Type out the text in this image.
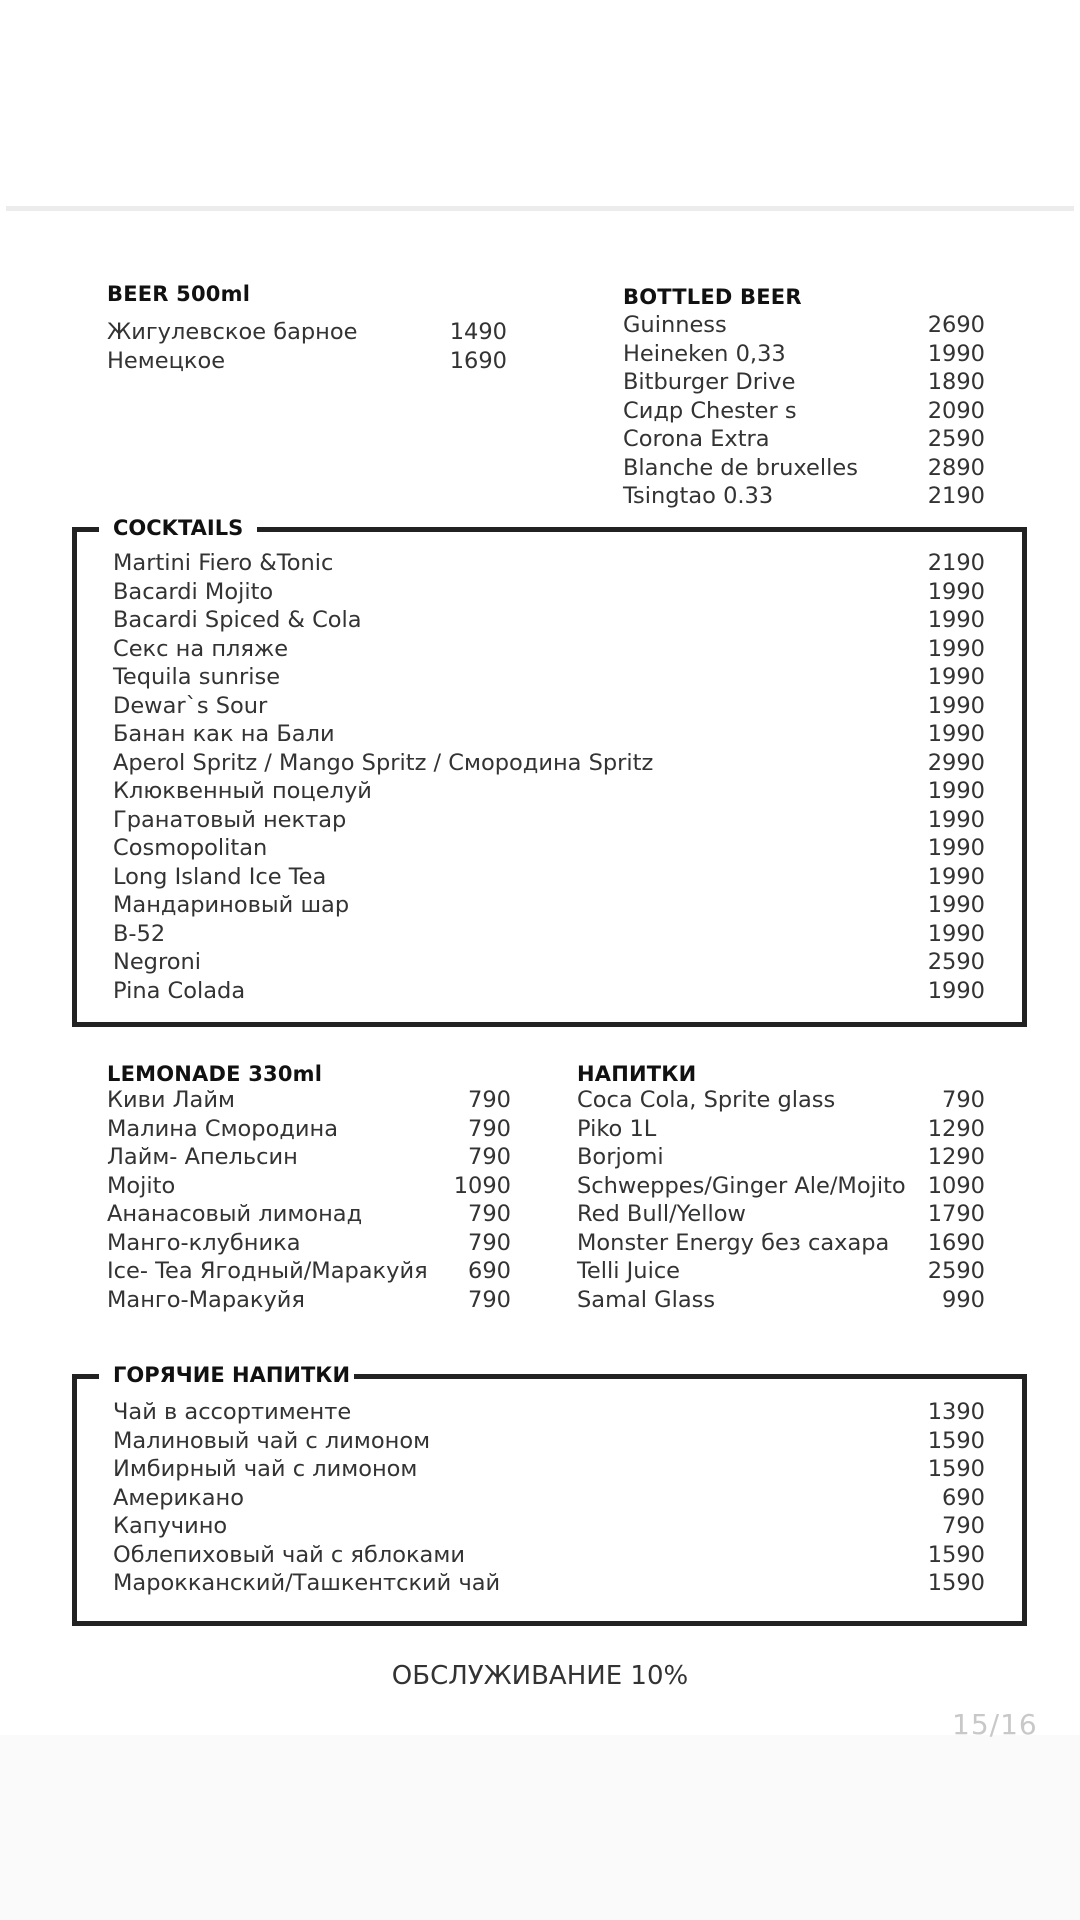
BEER 500ml
Жигулевское барное	1490
Немецкое	1690
BOTTLED BEER
Guinness	2690
Heineken 0,33	1990
Bitburger Drive	1890
Сидр Chester s	2090
Corona Extra	2590
Blanche de bruxelles	2890
Tsingtao 0.33	2190
COCKTAILS
Martini Fiero &Tonic	2190
Bacardi Mojito	1990
Bacardi Spiced & Cola	1990
Секс на пляже	1990
Tequila sunrise	1990
Dewar`s Sour	1990
Банан как на Бали	1990
Aperol Spritz / Mango Spritz / Смородина Spritz	2990
Клюквенный поцелуй	1990
Гранатовый нектар	1990
Cosmopolitan	1990
Long Island Ice Tea	1990
Мандариновый шар	1990
B-52	1990
Negroni	2590
Pina Colada	1990
LEMONADE 330ml
Киви Лайм	790
Малина Смородина	790
Лайм- Апельсин	790
Mojito	1090
Ананасовый лимонад	790
Манго-клубника	790
Ice- Tea Ягодный/Маракуйя 690
Манго-Маракуйя	790
НАПИТКИ
Coca Cola, Sprite glass	790
Piko 1L	1290
Borjomi	1290
Schweppes/Ginger Ale/Mojito 1090
Red Bull/Yellow	1790
Monster Energy без сахара 1690
Telli Juice	2590
Samal Glass	990
ГОРЯЧИЕ НАПИТКИ
Чай в ассортименте	1390
Малиновый чай с лимоном	1590
Имбирный чай с лимоном	1590
Американо	690
Капучино	790
Облепиховый чай с яблоками	1590
Марокканский/Ташкентский чай	1590
ОБСЛУЖИВАНИЕ 10%
15/16
